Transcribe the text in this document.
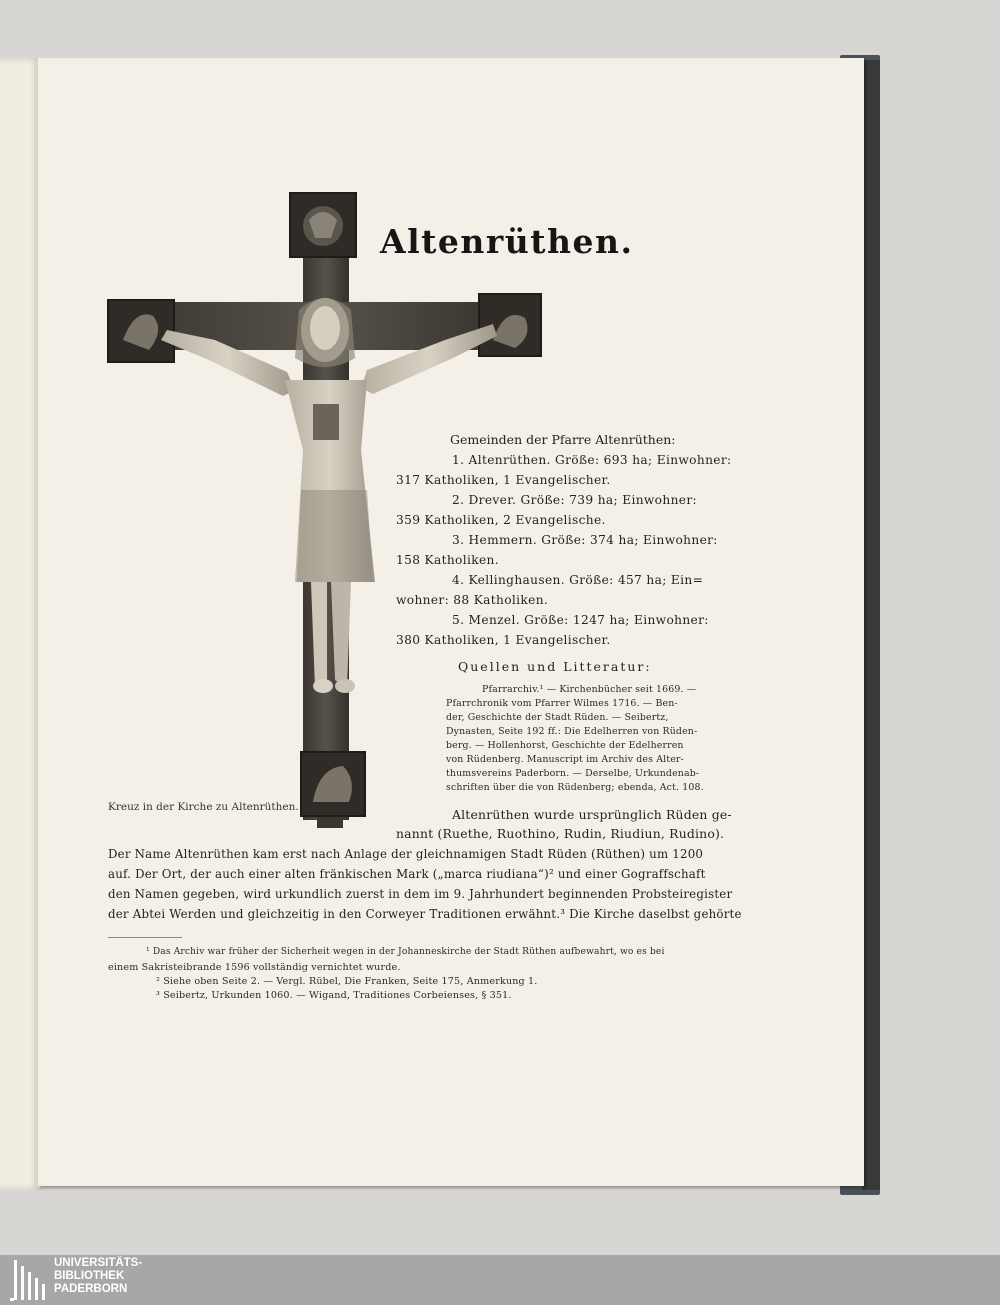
Altenrüthen.
Kreuz in der Kirche zu Altenrüthen.
Gemeinden der Pfarre Altenrüthen:
1. Altenrüthen. Größe: 693 ha; Einwohner:
317 Katholiken, 1 Evangelischer.
2. Drever. Größe: 739 ha; Einwohner:
359 Katholiken, 2 Evangelische.
3. Hemmern. Größe: 374 ha; Einwohner:
158 Katholiken.
4. Kellinghausen. Größe: 457 ha; Ein=
wohner: 88 Katholiken.
5. Menzel. Größe: 1247 ha; Einwohner:
380 Katholiken, 1 Evangelischer.
Quellen und Litteratur:
Pfarrarchiv.¹ — Kirchenbücher seit 1669. —
Pfarrchronik vom Pfarrer Wilmes 1716. — Ben-
der, Geschichte der Stadt Rüden. — Seibertz,
Dynasten, Seite 192 ff.: Die Edelherren von Rüden-
berg. — Hollenhorst, Geschichte der Edelherren
von Rüdenberg. Manuscript im Archiv des Alter-
thumsvereins Paderborn. — Derselbe, Urkundenab-
schriften über die von Rüdenberg; ebenda, Act. 108.
Altenrüthen wurde ursprünglich Rüden ge-
nannt (Ruethe, Ruothino, Rudin, Riudiun, Rudino).
Der Name Altenrüthen kam erst nach Anlage der gleichnamigen Stadt Rüden (Rüthen) um 1200
auf. Der Ort, der auch einer alten fränkischen Mark („marca riudiana“)² und einer Gograffschaft
den Namen gegeben, wird urkundlich zuerst in dem im 9. Jahrhundert beginnenden Probsteiregister
der Abtei Werden und gleichzeitig in den Corweyer Traditionen erwähnt.³ Die Kirche daselbst gehörte
¹ Das Archiv war früher der Sicherheit wegen in der Johanneskirche der Stadt Rüthen aufbewahrt, wo es bei
einem Sakristeibrande 1596 vollständig vernichtet wurde.
² Siehe oben Seite 2. — Vergl. Rübel, Die Franken, Seite 175, Anmerkung 1.
³ Seibertz, Urkunden 1060. — Wigand, Traditiones Corbeienses, § 351.
UNIVERSITÄTS-
BIBLIOTHEK
PADERBORN
